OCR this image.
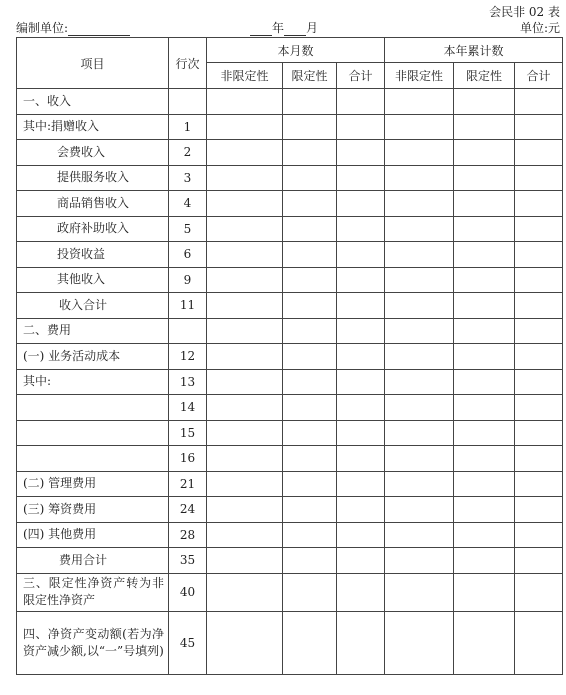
会民非 02 表
编制单位:	年 月	单位:元
项目	行次	本月数			本年累计数		
		非限定性	限定性	合计	非限定性	限定性	合计
一、收入							
其中:捐赠收入	1						
会费收入	2						
提供服务收入	3						
商品销售收入	4						
政府补助收入	5						
投资收益	6						
其他收入	9						
收入合计	11						
二、费用							
(一) 业务活动成本	12						
其中:	13						
	14						
	15						
	16						
(二) 管理费用	21						
(三) 筹资费用	24						
(四) 其他费用	28						
费用合计	35						

三、限定性净资产转为非限定性净资产	40						

四、净资产变动额(若为净资产减少额,以“一”号填列)	45						
